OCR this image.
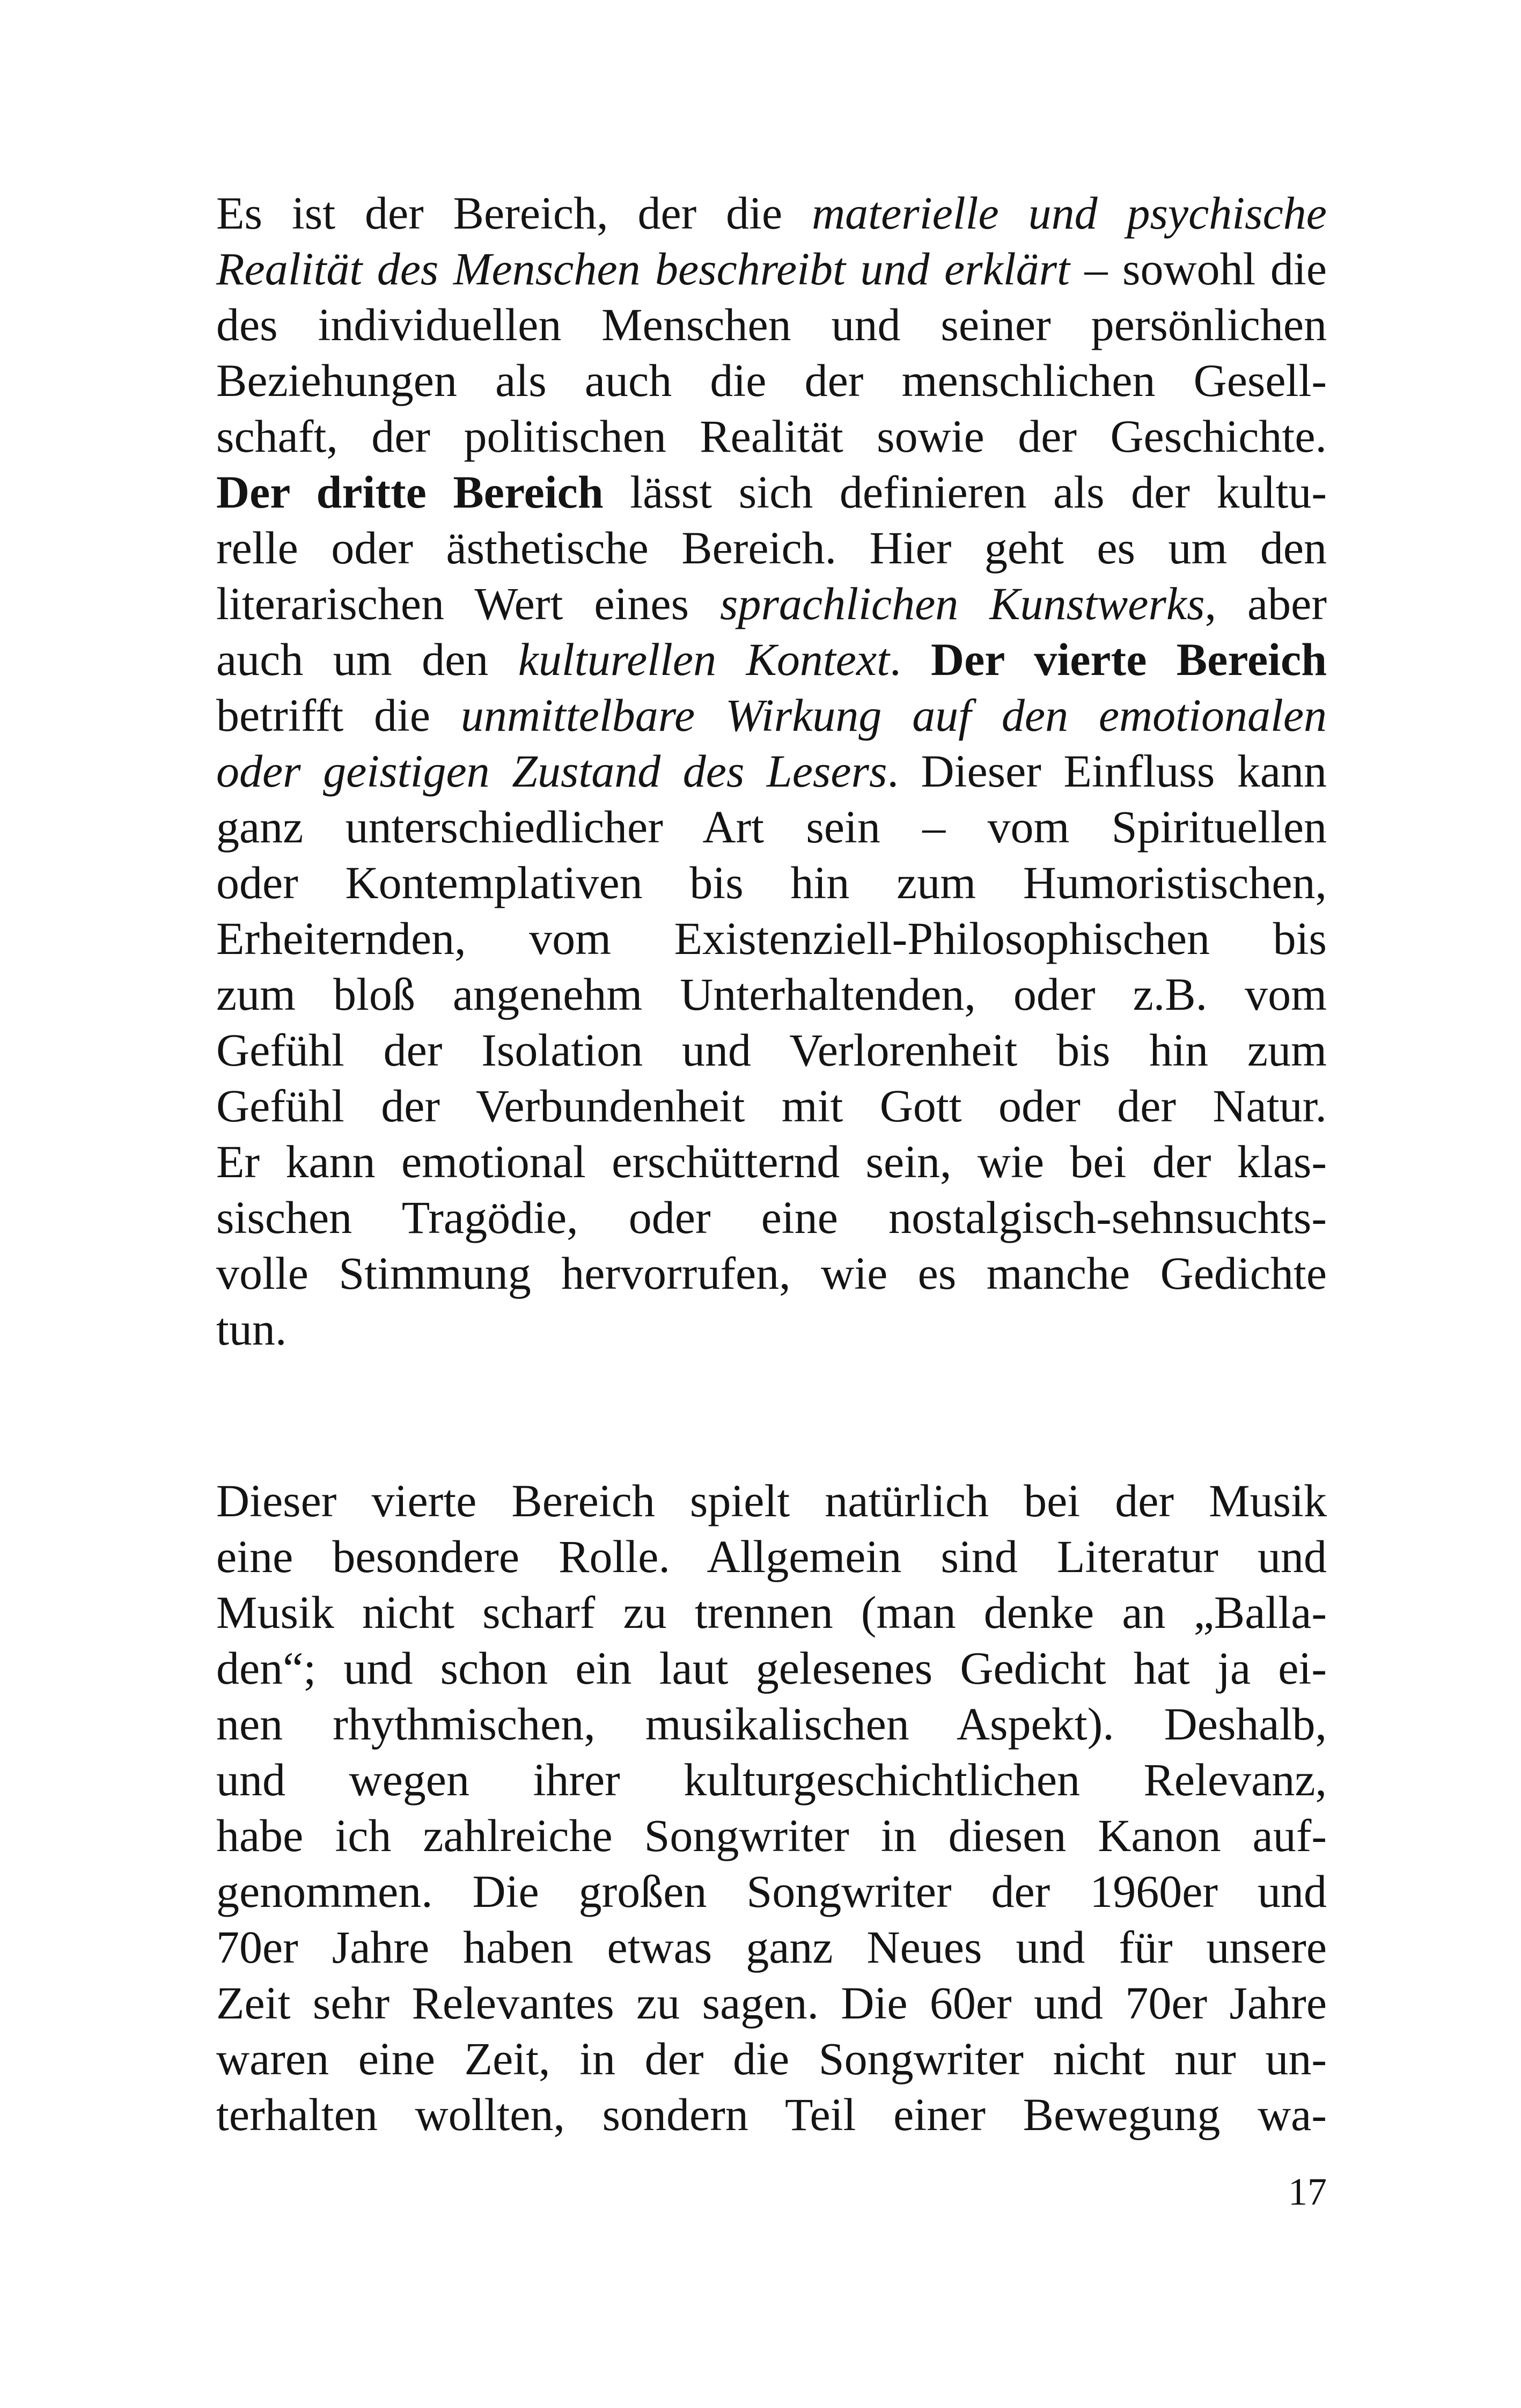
Es ist der Bereich, der die materielle und psychische
Realität des Menschen beschreibt und erklärt – sowohl die
des individuellen Menschen und seiner persönlichen
Beziehungen als auch die der menschlichen Gesell-
schaft, der politischen Realität sowie der Geschichte.
Der dritte Bereich lässt sich definieren als der kultu-
relle oder ästhetische Bereich. Hier geht es um den
literarischen Wert eines sprachlichen Kunstwerks, aber
auch um den kulturellen Kontext. Der vierte Bereich
betrifft die unmittelbare Wirkung auf den emotionalen
oder geistigen Zustand des Lesers. Dieser Einfluss kann
ganz unterschiedlicher Art sein – vom Spirituellen
oder Kontemplativen bis hin zum Humoristischen,
Erheiternden, vom Existenziell-Philosophischen bis
zum bloß angenehm Unterhaltenden, oder z.B. vom
Gefühl der Isolation und Verlorenheit bis hin zum
Gefühl der Verbundenheit mit Gott oder der Natur.
Er kann emotional erschütternd sein, wie bei der klas-
sischen Tragödie, oder eine nostalgisch-sehnsuchts-
volle Stimmung hervorrufen, wie es manche Gedichte
tun.
Dieser vierte Bereich spielt natürlich bei der Musik
eine besondere Rolle. Allgemein sind Literatur und
Musik nicht scharf zu trennen (man denke an „Balla-
den“; und schon ein laut gelesenes Gedicht hat ja ei-
nen rhythmischen, musikalischen Aspekt). Deshalb,
und wegen ihrer kulturgeschichtlichen Relevanz,
habe ich zahlreiche Songwriter in diesen Kanon auf-
genommen. Die großen Songwriter der 1960er und
70er Jahre haben etwas ganz Neues und für unsere
Zeit sehr Relevantes zu sagen. Die 60er und 70er Jahre
waren eine Zeit, in der die Songwriter nicht nur un-
terhalten wollten, sondern Teil einer Bewegung wa-
17
